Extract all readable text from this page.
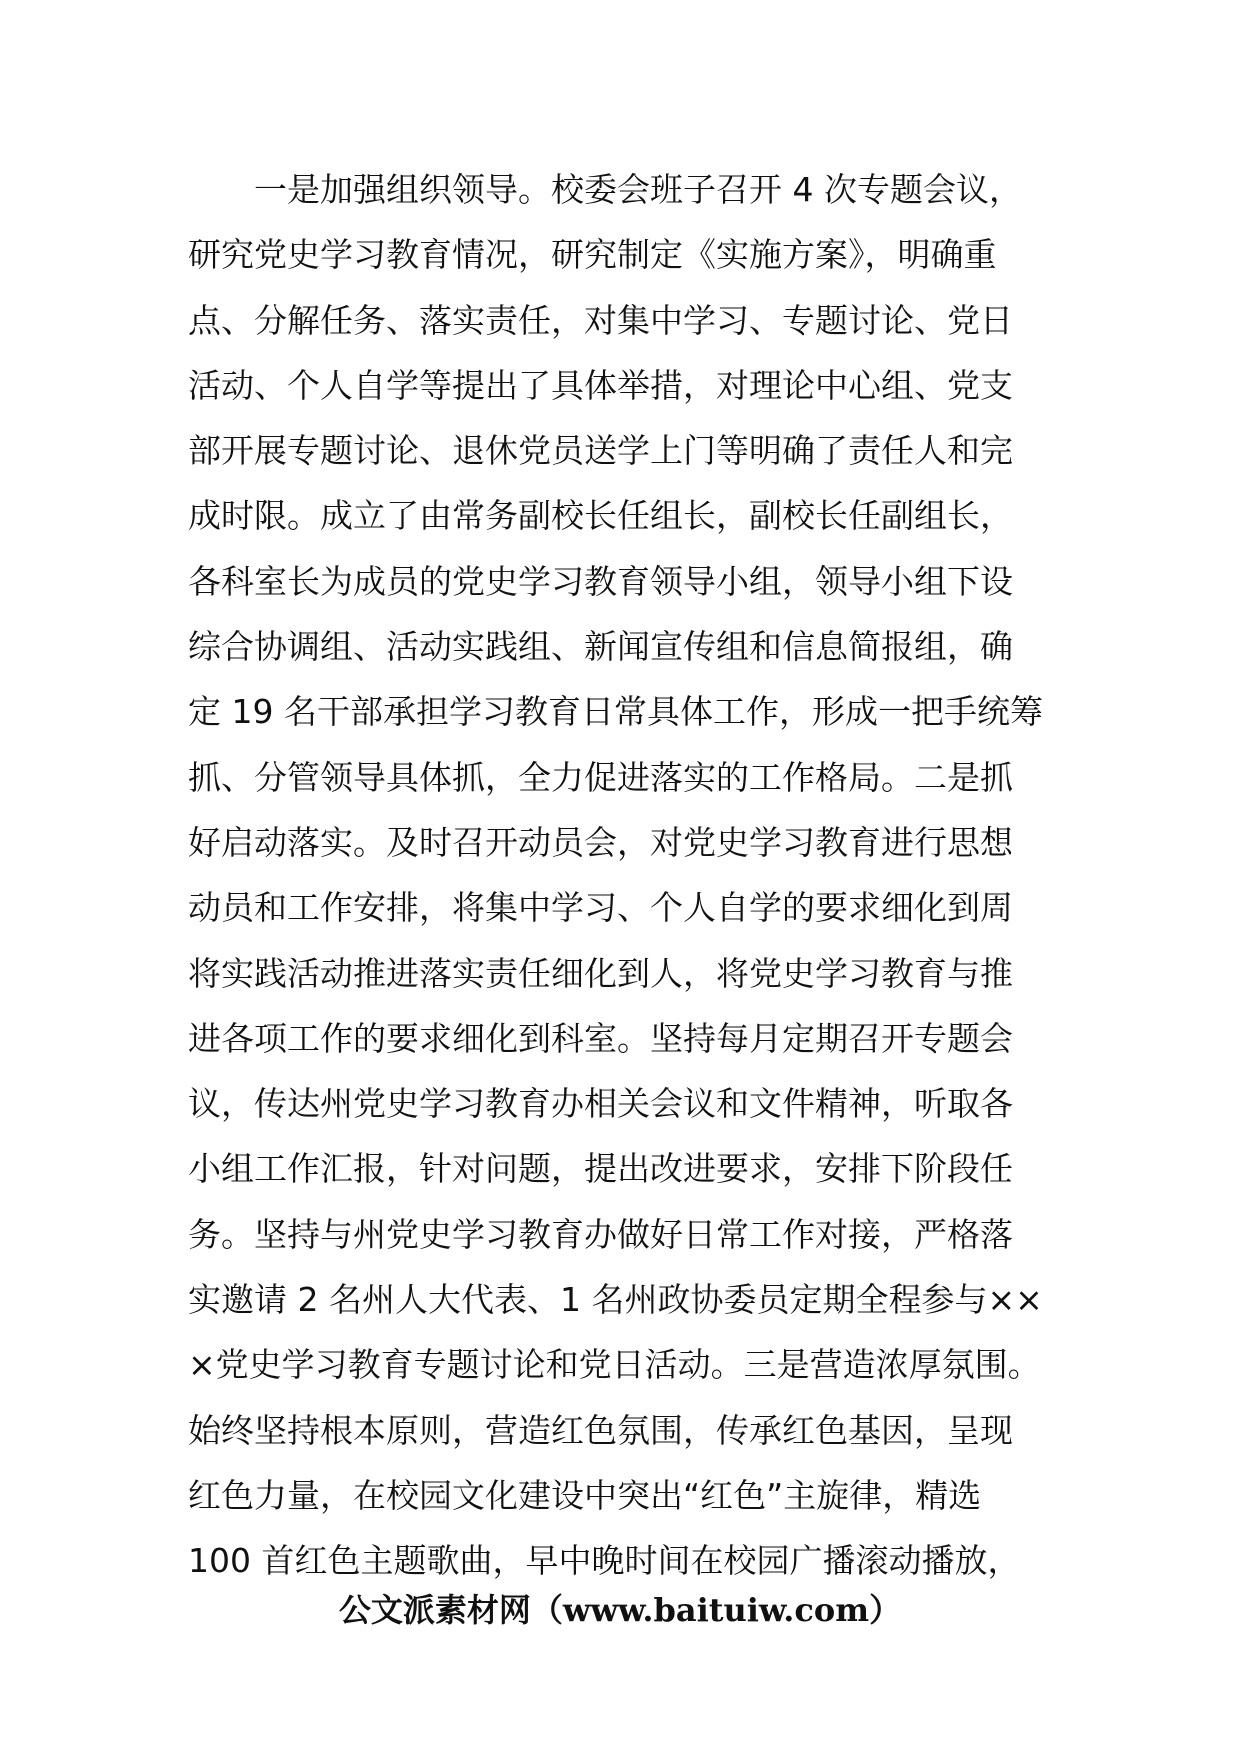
　　一是加强组织领导。校委会班子召开 4 次专题会议，
研究党史学习教育情况，研究制定《实施方案》，明确重
点、分解任务、落实责任，对集中学习、专题讨论、党日
活动、个人自学等提出了具体举措，对理论中心组、党支
部开展专题讨论、退休党员送学上门等明确了责任人和完
成时限。成立了由常务副校长任组长，副校长任副组长，
各科室长为成员的党史学习教育领导小组，领导小组下设
综合协调组、活动实践组、新闻宣传组和信息简报组，确
定 19 名干部承担学习教育日常具体工作，形成一把手统筹
抓、分管领导具体抓，全力促进落实的工作格局。二是抓
好启动落实。及时召开动员会，对党史学习教育进行思想
动员和工作安排，将集中学习、个人自学的要求细化到周
将实践活动推进落实责任细化到人，将党史学习教育与推
进各项工作的要求细化到科室。坚持每月定期召开专题会
议，传达州党史学习教育办相关会议和文件精神，听取各
小组工作汇报，针对问题，提出改进要求，安排下阶段任
务。坚持与州党史学习教育办做好日常工作对接，严格落
实邀请 2 名州人大代表、1 名州政协委员定期全程参与××
×党史学习教育专题讨论和党日活动。三是营造浓厚氛围。
始终坚持根本原则，营造红色氛围，传承红色基因，呈现
红色力量，在校园文化建设中突出“红色”主旋律，精选
100 首红色主题歌曲，早中晚时间在校园广播滚动播放，
公文派素材网（www.baituiw.com）
